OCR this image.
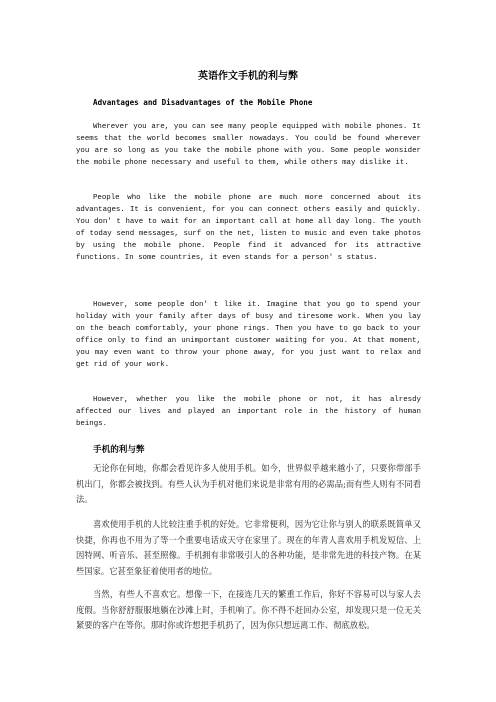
英语作文手机的利与弊
Advantages and Disadvantages of the Mobile Phone

Wherever you are, you can see many people equipped with mobile phones. It seems that the world becomes smaller nowadays. You could be found wherever you are so long as you take the mobile phone with you. Some people wonsider the mobile phone necessary and useful to them, while others may dislike it.

People who like the mobile phone are much more concerned about its advantages. It is convenient, for you can connect others easily and quickly. You don' t have to wait for an important call at home all day long. The youth of today send messages, surf on the net, listen to music and even take photos by using the mobile phone. People find it advanced for its attractive functions. In some countries, it even stands for a person' s status.

However, some people don' t like it. Imagine that you go to spend your holiday with your family after days of busy and tiresome work. When you lay on the beach comfortably, your phone rings. Then you have to go back to your office only to find an unimportant customer waiting for you. At that moment, you may even want to throw your phone away, for you just want to relax and get rid of your work.

However, whether you like the mobile phone or not, it has alresdy affected our lives and played an important role in the history of human beings.

手机的利与弊

无论你在何地，你都会看见许多人使用手机。如今，世界似乎越来越小了，只要你带部手机出门，你都会被找到。有些人认为手机对他们来说是非常有用的必需品;而有些人则有不同看法。

喜欢使用手机的人比较注重手机的好处。它非常便利，因为它让你与别人的联系既简单又快捷，你再也不用为了等一个重要电话成天守在家里了。现在的年青人喜欢用手机发短信、上因特网、听音乐、甚至照像。手机拥有非常吸引人的各种功能，是非常先进的科技产物。在某些国家。它甚至象征着使用者的地位。

当然，有些人不喜欢它。想像一下，在接连几天的繁重工作后，你好不容易可以与家人去度假。当你舒舒服服地躺在沙滩上时，手机响了。你不得不赶回办公室，却发现只是一位无关紧要的客户在等你。那时你或许想把手机扔了，因为你只想远离工作、彻底放松。
